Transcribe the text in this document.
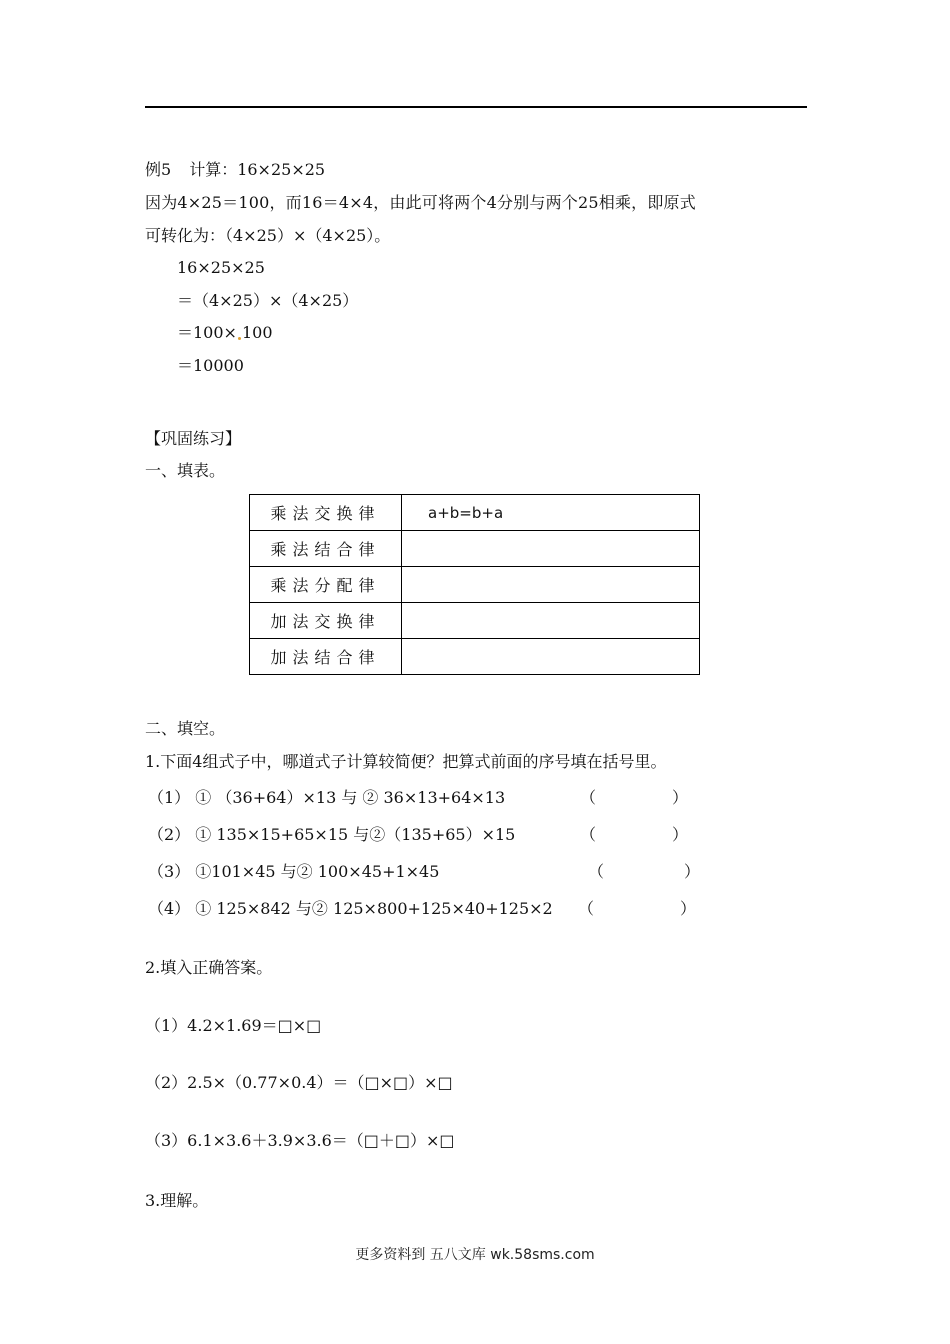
例5 计算：16×25×25
因为4×25＝100，而16＝4×4，由此可将两个4分别与两个25相乘，即原式
可转化为：（4×25）×（4×25）。
16×25×25
＝（4×25）×（4×25）
＝100× 100
＝10000
【巩固练习】
一、填表。
乘法交换律	a+b=b+a
乘法结合律	
乘法分配律	
加法交换律	
加法结合律	
二、填空。
1.下面4组式子中，哪道式子计算较简便？把算式前面的序号填在括号里。
（1） ① （36+64）×13 与 ② 36×13+64×13	（	）
（2） ① 135×15+65×15 与②（135+65）×15	（	）
（3） ①101×45 与② 100×45+1×45	（	）
（4） ① 125×842 与② 125×800+125×40+125×2 （	）
2.填入正确答案。
（1）4.2×1.69＝□×□
（2）2.5×（0.77×0.4）＝（□×□）×□
（3）6.1×3.6＋3.9×3.6＝（□＋□）×□
3.理解。
更多资料到 五八文库 wk.58sms.com
